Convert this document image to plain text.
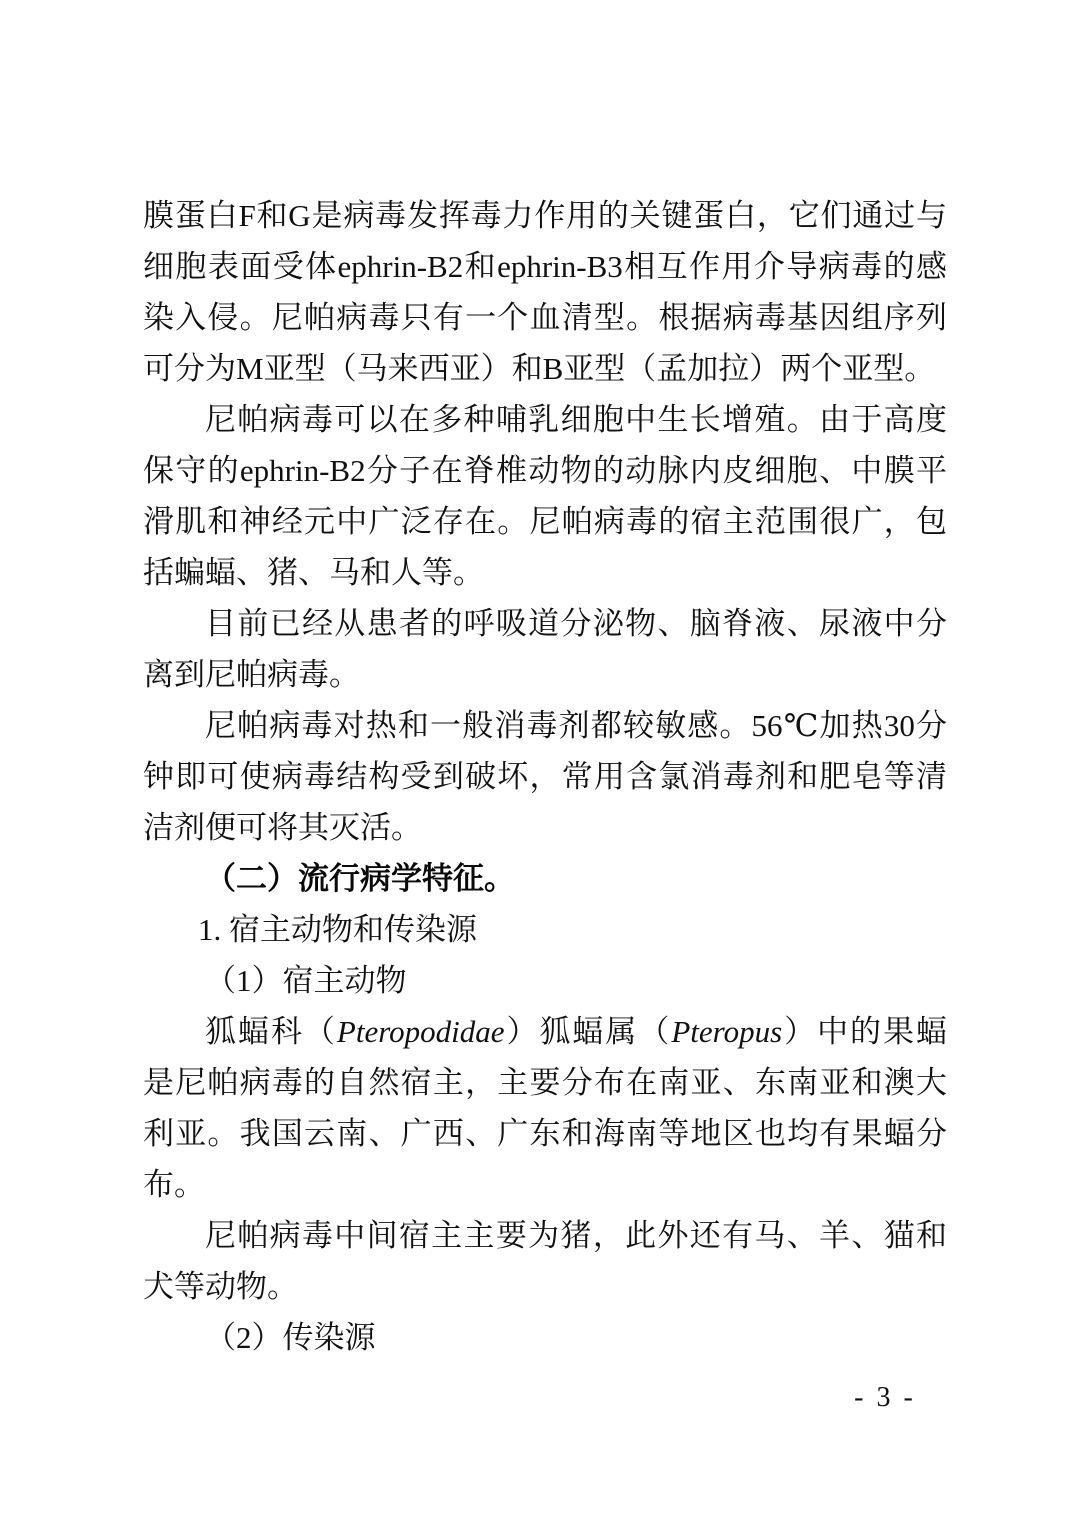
膜蛋白F和G是病毒发挥毒力作用的关键蛋白，它们通过与细胞表面受体ephrin-B2和ephrin-B3相互作用介导病毒的感染入侵。尼帕病毒只有一个血清型。根据病毒基因组序列可分为M亚型（马来西亚）和B亚型（孟加拉）两个亚型。

尼帕病毒可以在多种哺乳细胞中生长增殖。由于高度保守的ephrin-B2分子在脊椎动物的动脉内皮细胞、中膜平滑肌和神经元中广泛存在。尼帕病毒的宿主范围很广，包括蝙蝠、猪、马和人等。

目前已经从患者的呼吸道分泌物、脑脊液、尿液中分离到尼帕病毒。

尼帕病毒对热和一般消毒剂都较敏感。56℃加热30分钟即可使病毒结构受到破坏，常用含氯消毒剂和肥皂等清洁剂便可将其灭活。

（二）流行病学特征。

1. 宿主动物和传染源

（1）宿主动物

狐蝠科（Pteropodidae）狐蝠属（Pteropus）中的果蝠是尼帕病毒的自然宿主，主要分布在南亚、东南亚和澳大利亚。我国云南、广西、广东和海南等地区也均有果蝠分布。

尼帕病毒中间宿主主要为猪，此外还有马、羊、猫和犬等动物。

（2）传染源

- 3 -
